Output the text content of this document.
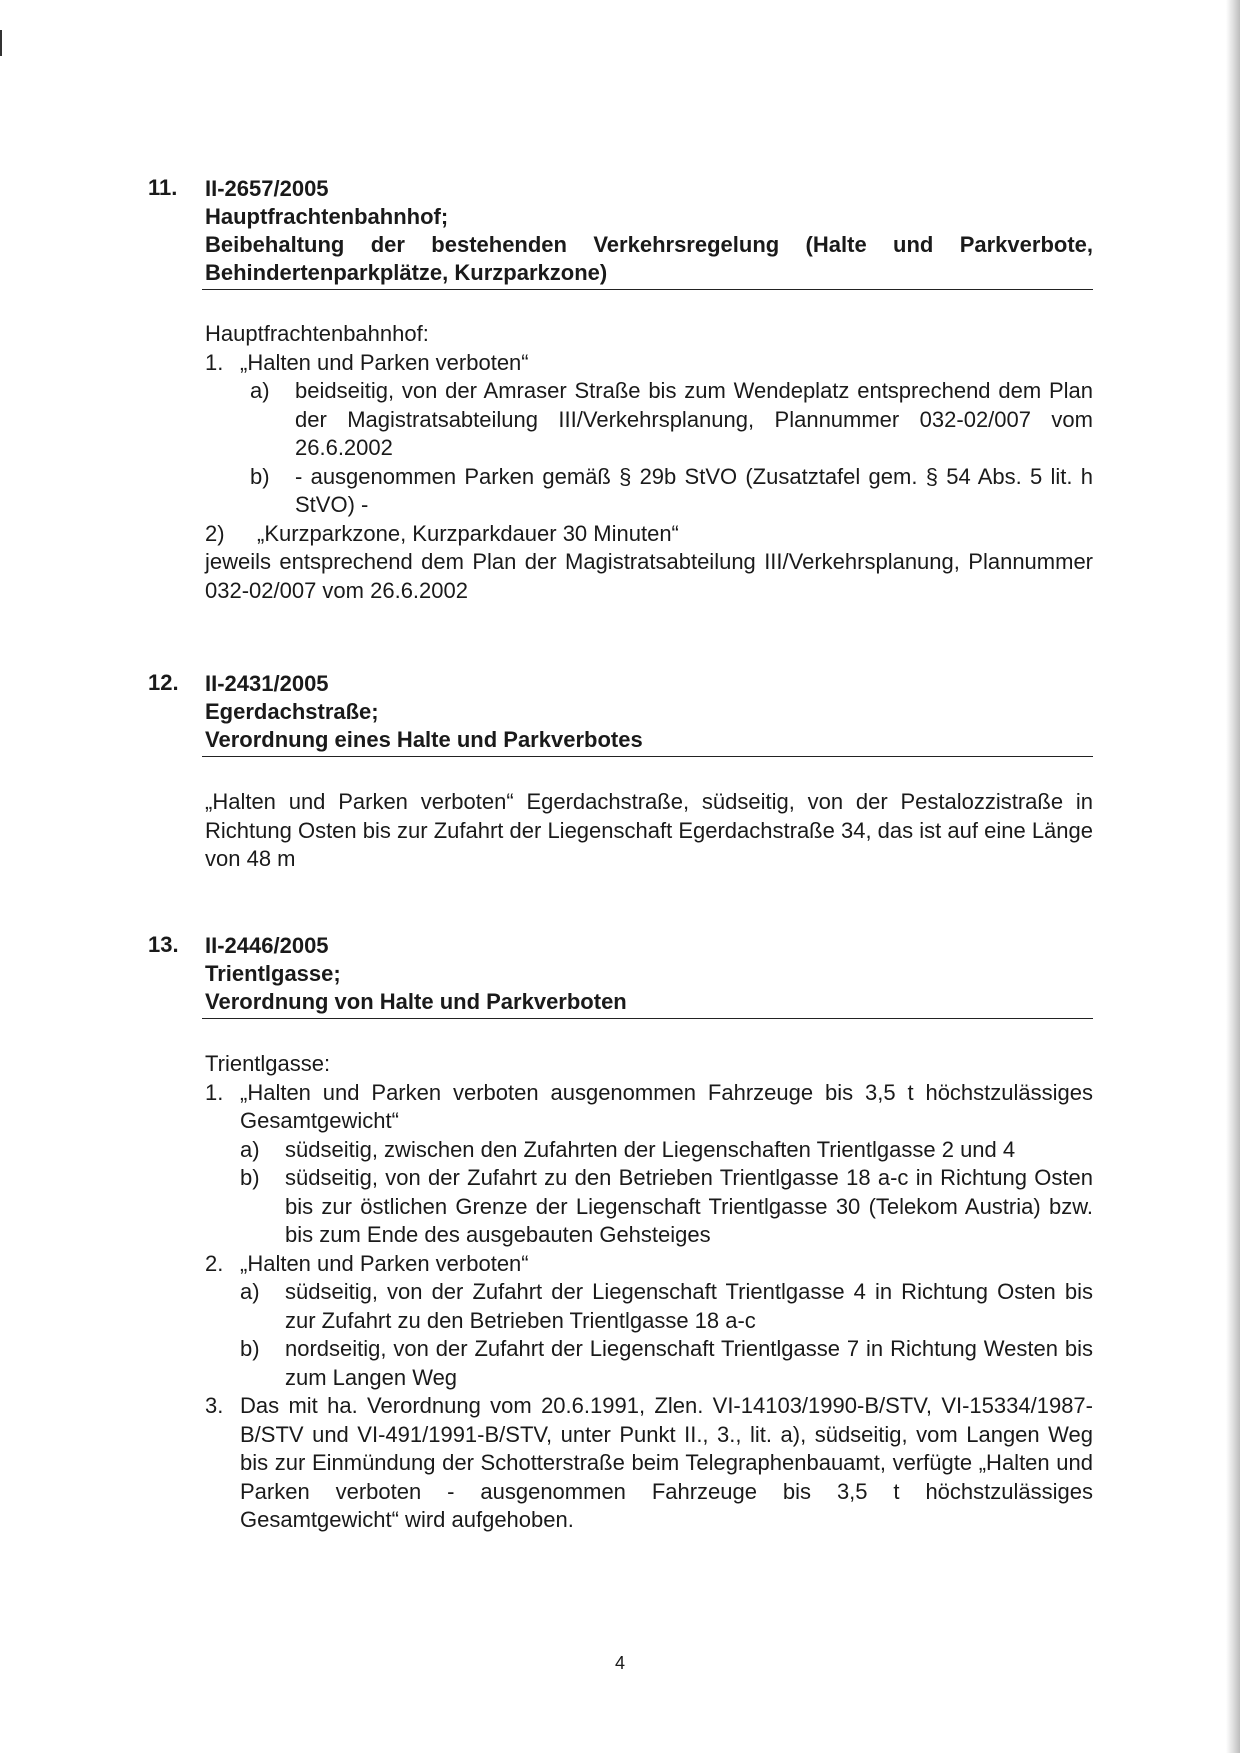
11. II-2657/2005
Hauptfrachtenbahnhof;
Beibehaltung der bestehenden Verkehrsregelung (Halte und Parkverbote,
Behindertenparkplätze, Kurzparkzone)

Hauptfrachtenbahnhof:

1. „Halten und Parken verboten“
a)	beidseitig, von der Amraser Straße bis zum Wendeplatz entsprechend dem Plan der Magistratsabteilung III/Verkehrsplanung, Plannummer 032-02/007 vom 26.6.2002
b)	- ausgenommen Parken gemäß § 29b StVO (Zusatztafel gem. § 54 Abs. 5 lit. h StVO) -
2)	„Kurzparkzone, Kurzparkdauer 30 Minuten“

jeweils entsprechend dem Plan der Magistratsabteilung III/Verkehrsplanung, Plannummer 032-02/007 vom 26.6.2002

12. II-2431/2005
Egerdachstraße;
Verordnung eines Halte und Parkverbotes

„Halten und Parken verboten“ Egerdachstraße, südseitig, von der Pestalozzistraße in Richtung Osten bis zur Zufahrt der Liegenschaft Egerdachstraße 34, das ist auf eine Länge von 48 m

13. II-2446/2005
Trientlgasse;
Verordnung von Halte und Parkverboten

Trientlgasse:

1. „Halten und Parken verboten ausgenommen Fahrzeuge bis 3,5 t höchstzulässiges Gesamtgewicht“
a)	südseitig, zwischen den Zufahrten der Liegenschaften Trientlgasse 2 und 4
b)	südseitig, von der Zufahrt zu den Betrieben Trientlgasse 18 a-c in Richtung Osten bis zur östlichen Grenze der Liegenschaft Trientlgasse 30 (Telekom Austria) bzw. bis zum Ende des ausgebauten Gehsteiges
2. „Halten und Parken verboten“
a)	südseitig, von der Zufahrt der Liegenschaft Trientlgasse 4 in Richtung Osten bis zur Zufahrt zu den Betrieben Trientlgasse 18 a-c
b)	nordseitig, von der Zufahrt der Liegenschaft Trientlgasse 7 in Richtung Westen bis zum Langen Weg
3. Das mit ha. Verordnung vom 20.6.1991, Zlen. VI-14103/1990-B/STV, VI-15334/1987-B/STV und VI-491/1991-B/STV, unter Punkt II., 3., lit. a), südseitig, vom Langen Weg bis zur Einmündung der Schotterstraße beim Telegraphenbauamt, verfügte „Halten und Parken verboten - ausgenommen Fahrzeuge bis 3,5 t höchstzulässiges Gesamtgewicht“ wird aufgehoben.
4
